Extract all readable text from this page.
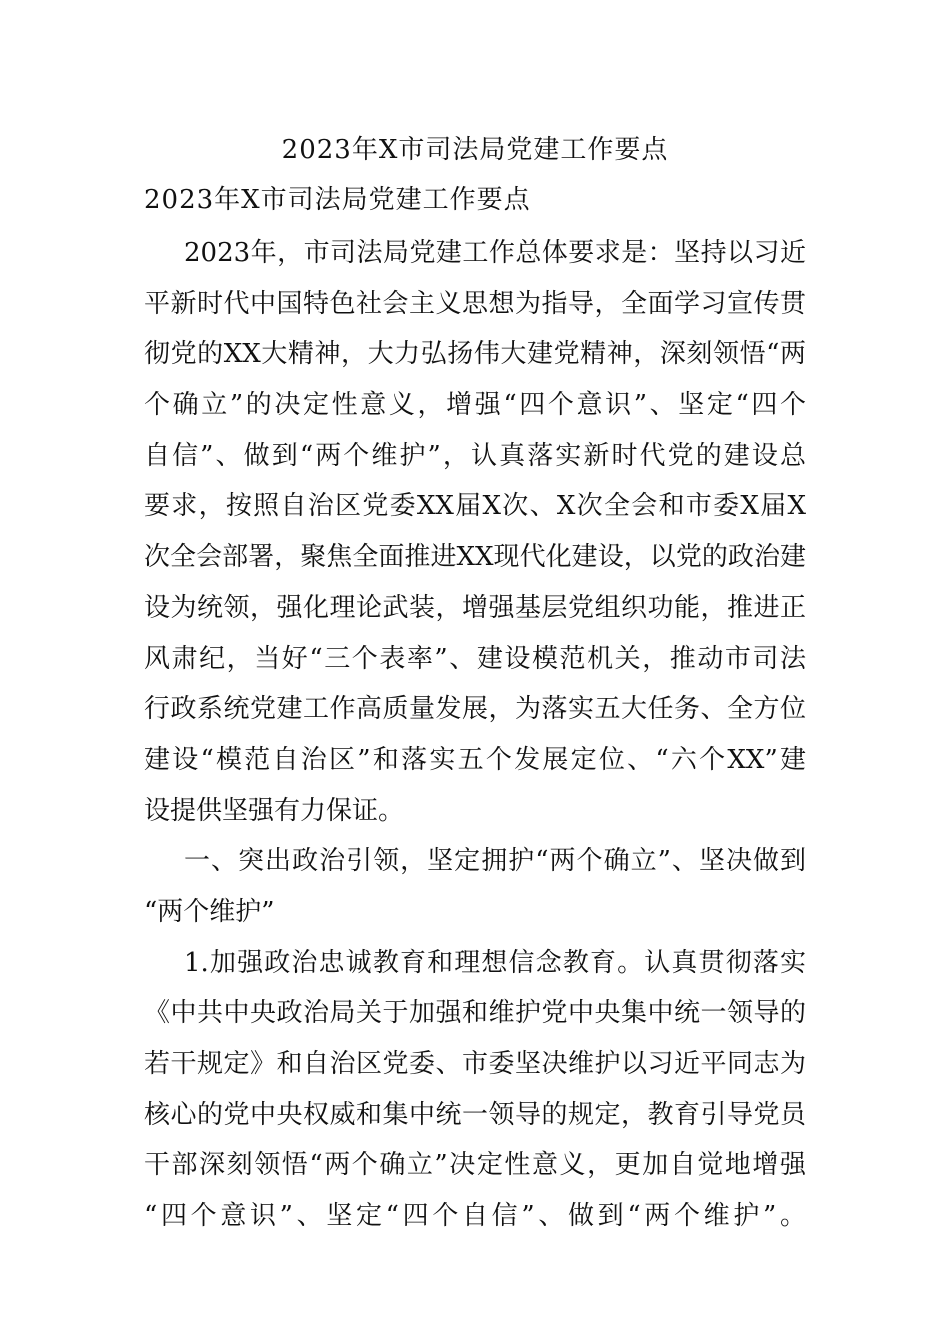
2023年X市司法局党建工作要点
2023年X市司法局党建工作要点
2023年，市司法局党建工作总体要求是：坚持以习近
平新时代中国特色社会主义思想为指导，全面学习宣传贯
彻党的XX大精神，大力弘扬伟大建党精神，深刻领悟“两
个确立”的决定性意义，增强“四个意识”、坚定“四个
自信”、做到“两个维护”，认真落实新时代党的建设总
要求，按照自治区党委XX届X次、X次全会和市委X届X
次全会部署，聚焦全面推进XX现代化建设，以党的政治建
设为统领，强化理论武装，增强基层党组织功能，推进正
风肃纪，当好“三个表率”、建设模范机关，推动市司法
行政系统党建工作高质量发展，为落实五大任务、全方位
建设“模范自治区”和落实五个发展定位、“六个XX”建
设提供坚强有力保证。
一、突出政治引领，坚定拥护“两个确立”、坚决做到
“两个维护”
1.加强政治忠诚教育和理想信念教育。认真贯彻落实
《中共中央政治局关于加强和维护党中央集中统一领导的
若干规定》和自治区党委、市委坚决维护以习近平同志为
核心的党中央权威和集中统一领导的规定，教育引导党员
干部深刻领悟“两个确立”决定性意义，更加自觉地增强
“四个意识”、坚定“四个自信”、做到“两个维护”。
